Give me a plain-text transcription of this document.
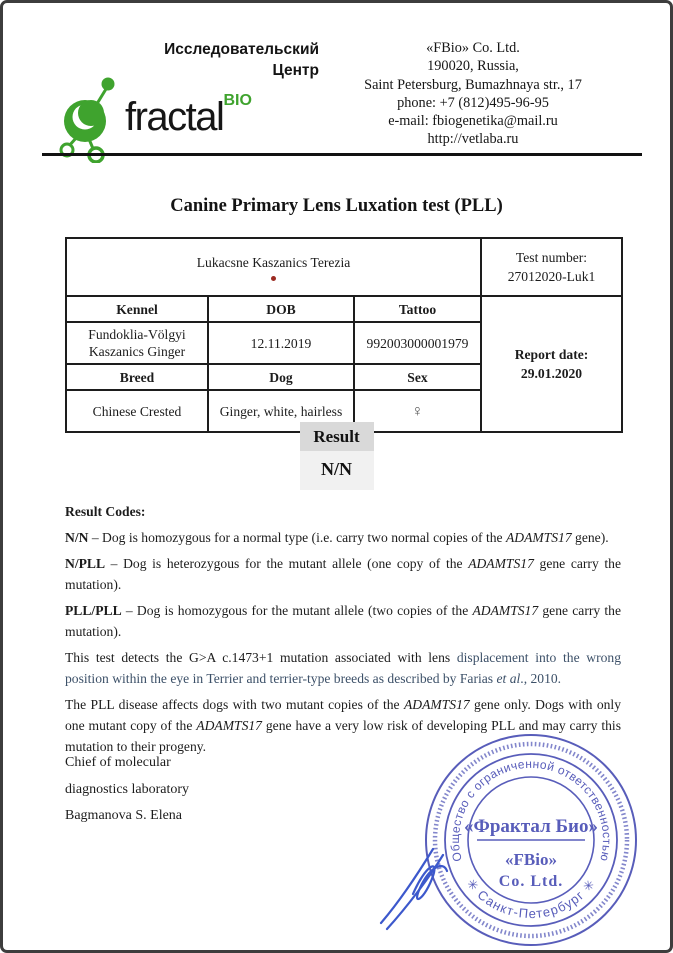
fractal$^{BIO}$
Исследовательский
Центр
«FBio» Co. Ltd.
190020, Russia,
Saint Petersburg, Bumazhnaya str., 17
phone: +7 (812)495-96-95
e-mail: fbiogenetika@mail.ru
http://vetlaba.ru
Canine Primary Lens Luxation test (PLL)
Lukacsne Kaszanics Terezia			Test number:
27012020-Luk1

Kennel	DOB	Tattoo	Report date:
29.01.2020

Fundoklia-Völgyi Kaszanics Ginger	12.11.2019	992003000001979	
Breed	Dog	Sex	
Chinese Crested	Ginger, white, hairless	♀	
Result
N/N

Result Codes:

N/N – Dog is homozygous for a normal type (i.e. carry two normal copies of the ADAMTS17 gene).

N/PLL – Dog is heterozygous for the mutant allele (one copy of the ADAMTS17 gene carry the mutation).

PLL/PLL – Dog is homozygous for the mutant allele (two copies of the ADAMTS17 gene carry the mutation).

This test detects the G>A c.1473+1 mutation associated with lens displacement into the wrong position within the eye in Terrier and terrier-type breeds as described by Farias et al., 2010.

The PLL disease affects dogs with two mutant copies of the ADAMTS17 gene only. Dogs with only one mutant copy of the ADAMTS17 gene have a very low risk of developing PLL and may carry this mutation to their progeny.

Chief of molecular
diagnostics laboratory
Bagmanova S. Elena
Общество с ограниченной ответственностью
✳ Санкт-Петербург ✳
«Фрактал Био»
«FBio»
Co. Ltd.
